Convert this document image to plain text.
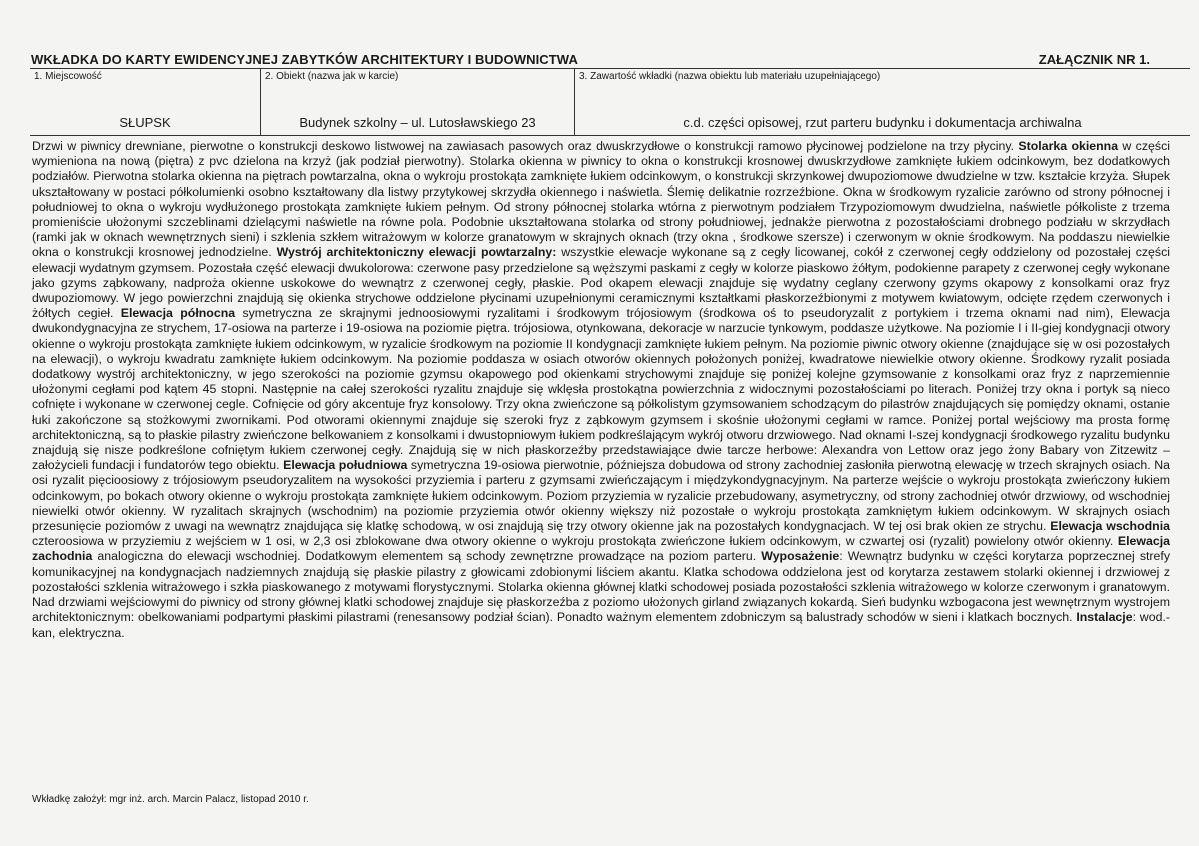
WKŁADKA DO KARTY EWIDENCYJNEJ ZABYTKÓW ARCHITEKTURY I BUDOWNICTWA	ZAŁĄCZNIK NR 1.
1. Miejscowość
SŁUPSK
2. Obiekt (nazwa jak w karcie)
Budynek szkolny – ul. Lutosławskiego 23
3. Zawartość wkładki (nazwa obiektu lub materiału uzupełniającego)
c.d. części opisowej, rzut parteru budynku i dokumentacja archiwalna

Drzwi w piwnicy drewniane, pierwotne o konstrukcji deskowo listwowej na zawiasach pasowych oraz dwuskrzydłowe o konstrukcji ramowo płycinowej podzielone na trzy płyciny. Stolarka okienna w części wymieniona na nową (piętra) z pvc dzielona na krzyż (jak podział pierwotny). Stolarka okienna w piwnicy to okna o konstrukcji krosnowej dwuskrzydłowe zamknięte łukiem odcinkowym, bez dodatkowych podziałów. Pierwotna stolarka okienna na piętrach powtarzalna, okna o wykroju prostokąta zamknięte łukiem odcinkowym, o konstrukcji skrzynkowej dwupoziomowe dwudzielne w tzw. kształcie krzyża. Słupek ukształtowany w postaci półkolumienki osobno kształtowany dla listwy przytykowej skrzydła okiennego i naświetla. Ślemię delikatnie rozrzeźbione. Okna w środkowym ryzalicie zarówno od strony północnej i południowej to okna o wykroju wydłużonego prostokąta zamknięte łukiem pełnym. Od strony północnej stolarka wtórna z pierwotnym podziałem Trzypoziomowym dwudzielna, naświetle półkoliste z trzema promieniście ułożonymi szczeblinami dzielącymi naświetle na równe pola. Podobnie ukształtowana stolarka od strony południowej, jednakże pierwotna z pozostałościami drobnego podziału w skrzydłach (ramki jak w oknach wewnętrznych sieni) i szklenia szkłem witrażowym w kolorze granatowym w skrajnych oknach (trzy okna , środkowe szersze) i czerwonym w oknie środkowym. Na poddaszu niewielkie okna o konstrukcji krosnowej jednodzielne. Wystrój architektoniczny elewacji powtarzalny: wszystkie elewacje wykonane są z cegły licowanej, cokół z czerwonej cegły oddzielony od pozostałej części elewacji wydatnym gzymsem. Pozostała część elewacji dwukolorowa: czerwone pasy przedzielone są węższymi paskami z cegły w kolorze piaskowo żółtym, podokienne parapety z czerwonej cegły wykonane jako gzyms ząbkowany, nadproża okienne uskokowe do wewnątrz z czerwonej cegły, płaskie. Pod okapem elewacji znajduje się wydatny ceglany czerwony gzyms okapowy z konsolkami oraz fryz dwupoziomowy. W jego powierzchni znajdują się okienka strychowe oddzielone płycinami uzupełnionymi ceramicznymi kształtkami płaskorzeźbionymi z motywem kwiatowym, odcięte rzędem czerwonych i żółtych cegieł. Elewacja północna symetryczna ze skrajnymi jednoosiowymi ryzalitami i środkowym trójosiowym (środkowa oś to pseudoryzalit z portykiem i trzema oknami nad nim), Elewacja dwukondygnacyjna ze strychem, 17-osiowa na parterze i 19-osiowa na poziomie piętra. trójosiowa, otynkowana, dekoracje w narzucie tynkowym, poddasze użytkowe. Na poziomie I i II-giej kondygnacji otwory okienne o wykroju prostokąta zamknięte łukiem odcinkowym, w ryzalicie środkowym na poziomie II kondygnacji zamknięte łukiem pełnym. Na poziomie piwnic otwory okienne (znajdujące się w osi pozostałych na elewacji), o wykroju kwadratu zamknięte łukiem odcinkowym. Na poziomie poddasza w osiach otworów okiennych położonych poniżej, kwadratowe niewielkie otwory okienne. Środkowy ryzalit posiada dodatkowy wystrój architektoniczny, w jego szerokości na poziomie gzymsu okapowego pod okienkami strychowymi znajduje się poniżej kolejne gzymsowanie z konsolkami oraz fryz z naprzemiennie ułożonymi cegłami pod kątem 45 stopni. Następnie na całej szerokości ryzalitu znajduje się wklęsła prostokątna powierzchnia z widocznymi pozostałościami po literach. Poniżej trzy okna i portyk są nieco cofnięte i wykonane w czerwonej cegle. Cofnięcie od góry akcentuje fryz konsolowy. Trzy okna zwieńczone są półkolistym gzymsowaniem schodzącym do pilastrów znajdujących się pomiędzy oknami, ostanie łuki zakończone są stożkowymi zwornikami. Pod otworami okiennymi znajduje się szeroki fryz z ząbkowym gzymsem i skośnie ułożonymi cegłami w ramce. Poniżej portal wejściowy ma prosta formę architektoniczną, są to płaskie pilastry zwieńczone belkowaniem z konsolkami i dwustopniowym łukiem podkreślającym wykrój otworu drzwiowego. Nad oknami I-szej kondygnacji środkowego ryzalitu budynku znajdują się nisze podkreślone cofniętym łukiem czerwonej cegły. Znajdują się w nich płaskorzeźby przedstawiające dwie tarcze herbowe: Alexandra von Lettow oraz jego żony Babary von Zitzewitz – założycieli fundacji i fundatorów tego obiektu. Elewacja południowa symetryczna 19-osiowa pierwotnie, późniejsza dobudowa od strony zachodniej zasłoniła pierwotną elewację w trzech skrajnych osiach. Na osi ryzalit pięcioosiowy z trójosiowym pseudoryzalitem na wysokości przyziemia i parteru z gzymsami zwieńczającym i międzykondygnacyjnym. Na parterze wejście o wykroju prostokąta zwieńczony łukiem odcinkowym, po bokach otwory okienne o wykroju prostokąta zamknięte łukiem odcinkowym. Poziom przyziemia w ryzalicie przebudowany, asymetryczny, od strony zachodniej otwór drzwiowy, od wschodniej niewielki otwór okienny. W ryzalitach skrajnych (wschodnim) na poziomie przyziemia otwór okienny większy niż pozostałe o wykroju prostokąta zamkniętym łukiem odcinkowym. W skrajnych osiach przesunięcie poziomów z uwagi na wewnątrz znajdująca się klatkę schodową, w osi znajdują się trzy otwory okienne jak na pozostałych kondygnacjach. W tej osi brak okien ze strychu. Elewacja wschodnia czteroosiowa w przyziemiu z wejściem w 1 osi, w 2,3 osi zblokowane dwa otwory okienne o wykroju prostokąta zwieńczone łukiem odcinkowym, w czwartej osi (ryzalit) powielony otwór okienny. Elewacja zachodnia analogiczna do elewacji wschodniej. Dodatkowym elementem są schody zewnętrzne prowadzące na poziom parteru. Wyposażenie: Wewnątrz budynku w części korytarza poprzecznej strefy komunikacyjnej na kondygnacjach nadziemnych znajdują się płaskie pilastry z głowicami zdobionymi liściem akantu. Klatka schodowa oddzielona jest od korytarza zestawem stolarki okiennej i drzwiowej z pozostałości szklenia witrażowego i szkła piaskowanego z motywami florystycznymi. Stolarka okienna głównej klatki schodowej posiada pozostałości szklenia witrażowego w kolorze czerwonym i granatowym. Nad drzwiami wejściowymi do piwnicy od strony głównej klatki schodowej znajduje się płaskorzeźba z poziomo ułożonych girland związanych kokardą. Sień budynku wzbogacona jest wewnętrznym wystrojem architektonicznym: obelkowaniami podpartymi płaskimi pilastrami (renesansowy podział ścian). Ponadto ważnym elementem zdobniczym są balustrady schodów w sieni i klatkach bocznych. Instalacje: wod.-kan, elektryczna.

Wkładkę założył: mgr inż. arch. Marcin Palacz, listopad 2010 r.
